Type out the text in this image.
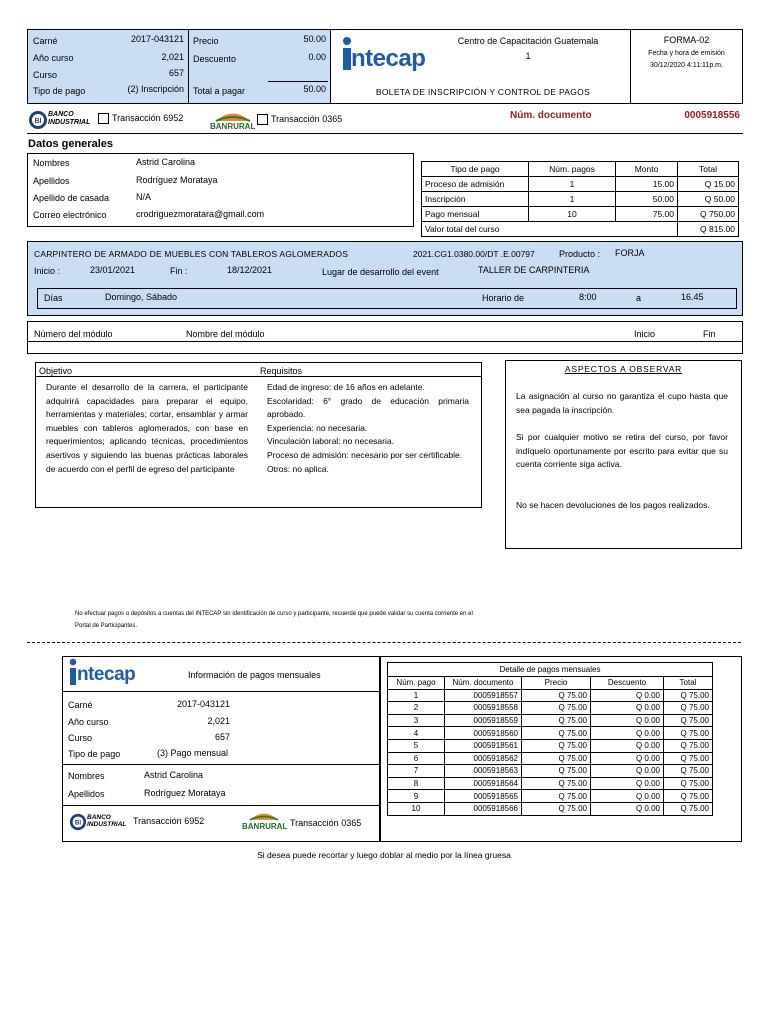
Carné	2017-043121
Año curso	2,021
Curso	657
Tipo de pago	(2) Inscripción
Precio	50.00
Descuento	0.00
Total a pagar	50.00
ntecap
Centro de Capacitación Guatemala
1
BOLETA DE INSCRIPCIÓN Y CONTROL DE PAGOS
FORMA-02
Fecha y hora de emisión
30/12/2020 4:11:11p.m.
BI
BANCO
INDUSTRIAL Transacción 6952
BANRURAL
Transacción 0365	Núm. documento	0005918556
Datos generales
Nombres	Astrid Carolina
Apellidos	Rodríguez Morataya
Apellido de casada	N/A
Correo electrónico	crodriguezmoratara@gmail.com
Tipo de pago	Núm. pagos	Monto	Total
Proceso de admisión	1	15.00	Q 15.00
Inscripción	1	50.00	Q 50.00
Pago mensual	10	75.00	Q 750.00
Valor total del curso			Q 815.00
CARPINTERO DE ARMADO DE MUEBLES CON TABLEROS AGLOMERADOS	2021.CG1.0380.00/DT .E.00797	Producto : FORJA
Inicio :	23/01/2021	Fin :	18/12/2021	Lugar de desarrollo del event	TALLER DE CARPINTERIA
Días	Domingo, Sábado	Horario de	8:00	a	16.45
Número del módulo	Nombre del módulo	Inicio	Fin
Objetivo	Requisitos
Durante el desarrollo de la carrera, el participante adquirirá capacidades para preparar el equipo, herramientas y materiales; cortar, ensamblar y armar muebles con tableros aglomerados, con base en requerimientos; aplicando técnicas, procedimientos asertivos y siguiendo las buenas prácticas laborales de acuerdo con el perfil de egreso del participante
Edad de ingreso: de 16 años en adelante.
Escolaridad: 6° grado de educación primaria aprobado.
Experiencia: no necesaria.
Vinculación laboral: no necesaria.
Proceso de admisión: necesario por ser certificable.
Otros: no aplica.
ASPECTOS A OBSERVAR
La asignación al curso no garantiza el cupo hasta que sea pagada la inscripción.
Si por cualquier motivo se retira del curso, por favor indíquelo oportunamente por escrito para evitar que su cuenta corriente siga activa.
No se hacen devoluciones de los pagos realizados.
No efectuar pagos o depósitos a cuentas del INTECAP sin identificación de curso y participante, recuerde que puede validar su cuenta corriente en el
Portal de Participantes.
ntecap	Información de pagos mensuales
Carné	2017-043121
Año curso	2,021
Curso	657
Tipo de pago	(3) Pago mensual
Nombres	Astrid Carolina
Apellidos	Rodríguez Morataya
BI
BANCO
INDUSTRIAL Transacción 6952
BANRURAL Transacción 0365
Detalle de pagos mensuales				
Núm. pago	Núm. documento	Precio	Descuento	Total
1	0005918557	Q 75.00	Q 0.00	Q 75.00
2	0005918558	Q 75.00	Q 0.00	Q 75.00
3	0005918559	Q 75.00	Q 0.00	Q 75.00
4	0005918560	Q 75.00	Q 0.00	Q 75.00
5	0005918561	Q 75.00	Q 0.00	Q 75.00
6	0005918562	Q 75.00	Q 0.00	Q 75.00
7	0005918563	Q 75.00	Q 0.00	Q 75.00
8	0005918564	Q 75.00	Q 0.00	Q 75.00
9	0005918565	Q 75.00	Q 0.00	Q 75.00
10	0005918566	Q 75.00	Q 0.00	Q 75.00
Si desea puede recortar y luego doblar al medio por la línea gruesa
